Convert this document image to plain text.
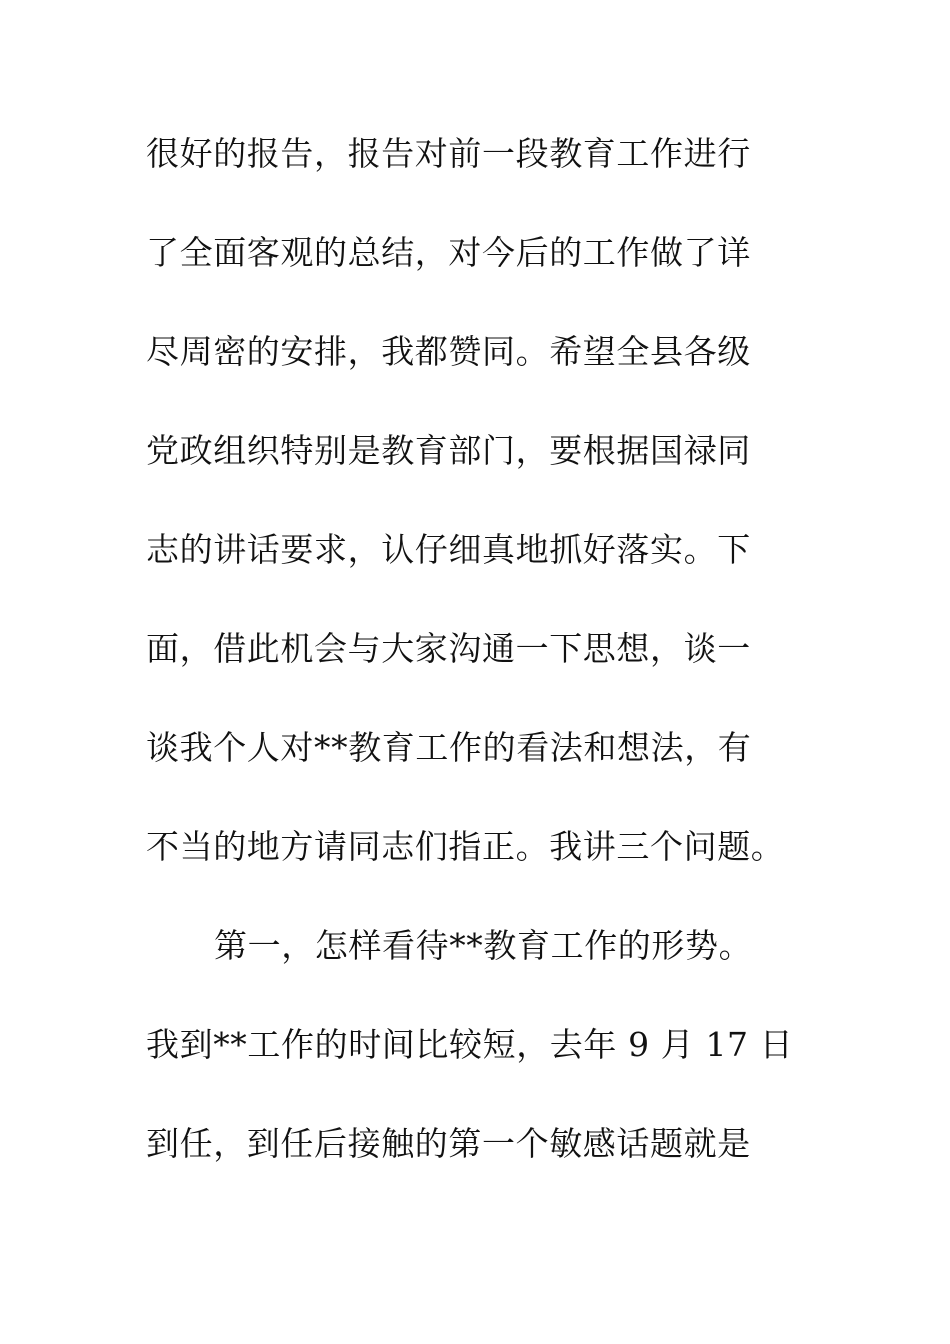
很好的报告，报告对前一段教育工作进行
了全面客观的总结，对今后的工作做了详
尽周密的安排，我都赞同。希望全县各级
党政组织特别是教育部门，要根据国禄同
志的讲话要求，认仔细真地抓好落实。下
面，借此机会与大家沟通一下思想，谈一
谈我个人对**教育工作的看法和想法，有
不当的地方请同志们指正。我讲三个问题。
第一，怎样看待**教育工作的形势。
我到**工作的时间比较短，去年 9 月 17 日
到任，到任后接触的第一个敏感话题就是
